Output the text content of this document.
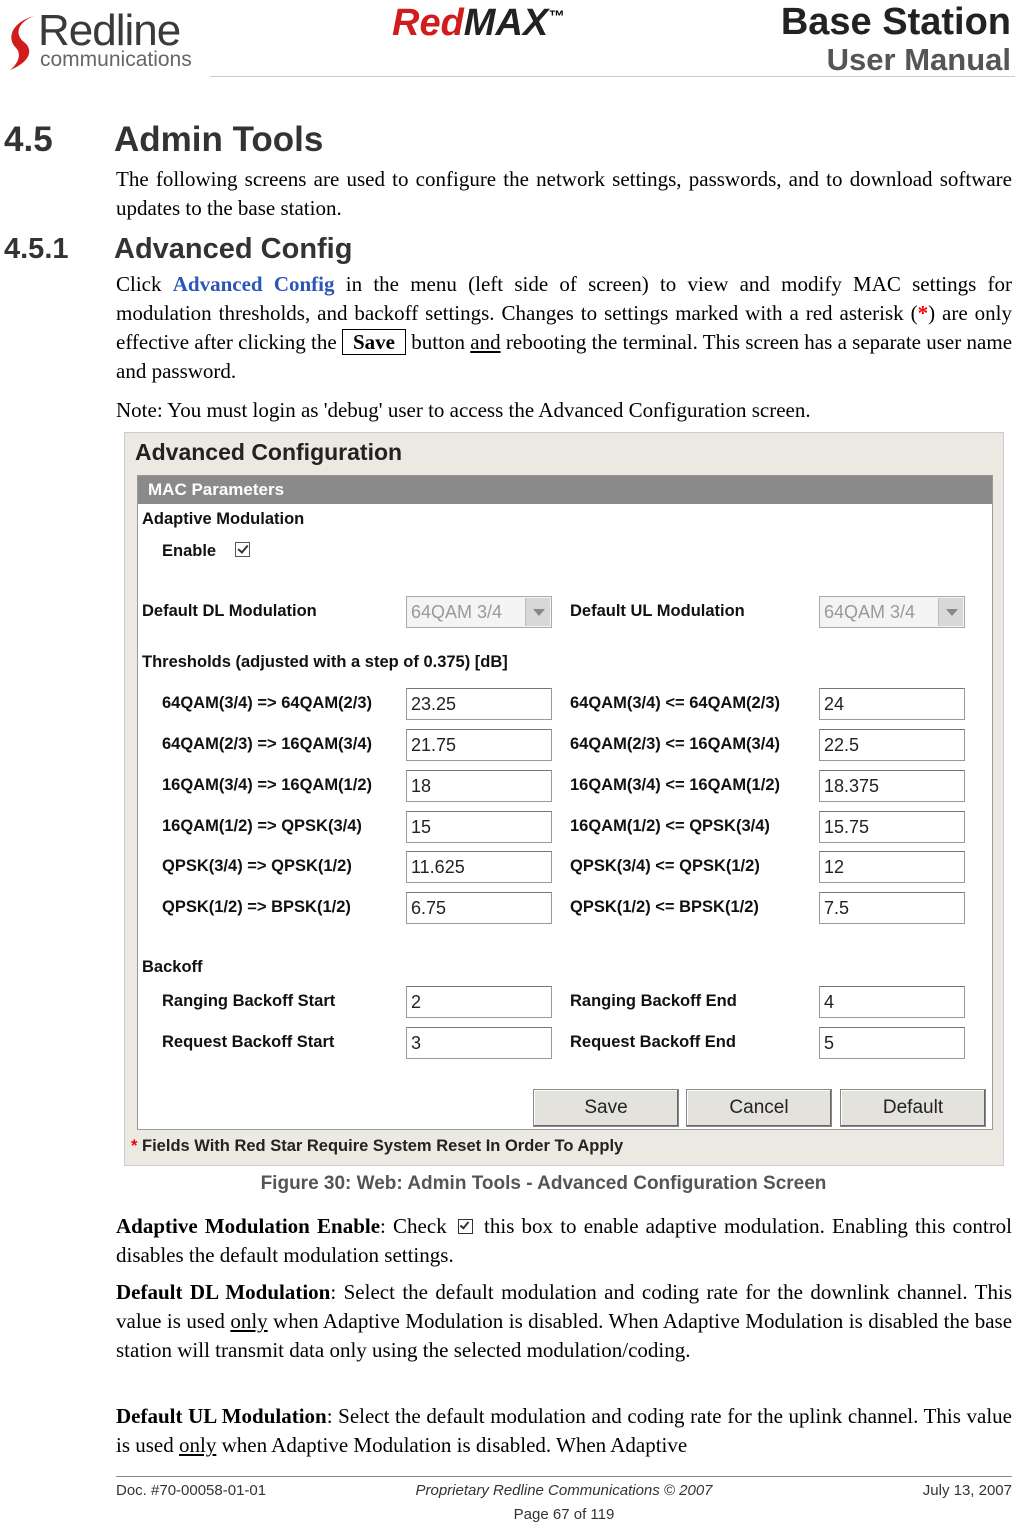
Redline
communications
RedMAX™	Base Station
User Manual
4.5 Admin Tools
The following screens are used to configure the network settings, passwords, and to download software updates to the base station.
4.5.1 Advanced Config
Click Advanced Config in the menu (left side of screen) to view and modify MAC settings for modulation thresholds, and backoff settings. Changes to settings marked with a red asterisk (*) are only effective after clicking the Save button and rebooting the terminal. This screen has a separate user name and password.
Note: You must login as 'debug' user to access the Advanced Configuration screen.
Advanced Configuration
MAC Parameters
Adaptive Modulation
Enable
Default DL Modulation	64QAM 3/4	Default UL Modulation	64QAM 3/4
Thresholds (adjusted with a step of 0.375) [dB]
64QAM(3/4) => 64QAM(2/3) 23.25	64QAM(3/4) <= 64QAM(2/3) 24
64QAM(2/3) => 16QAM(3/4) 21.75	64QAM(2/3) <= 16QAM(3/4) 22.5
16QAM(3/4) => 16QAM(1/2) 18	16QAM(3/4) <= 16QAM(1/2) 18.375
16QAM(1/2) => QPSK(3/4)	15	16QAM(1/2) <= QPSK(3/4)	15.75
QPSK(3/4) => QPSK(1/2)	11.625	QPSK(3/4) <= QPSK(1/2)	12
QPSK(1/2) => BPSK(1/2)	6.75	QPSK(1/2) <= BPSK(1/2)	7.5
Backoff
Ranging Backoff Start	2	Ranging Backoff End	4
Request Backoff Start	3	Request Backoff End	5
Save	Cancel	Default
* Fields With Red Star Require System Reset In Order To Apply
Figure 30: Web: Admin Tools - Advanced Configuration Screen
Adaptive Modulation Enable: Check this box to enable adaptive modulation. Enabling this control disables the default modulation settings.
Default DL Modulation: Select the default modulation and coding rate for the downlink channel. This value is used only when Adaptive Modulation is disabled. When Adaptive Modulation is disabled the base station will transmit data only using the selected modulation/coding.
Default UL Modulation: Select the default modulation and coding rate for the uplink channel. This value is used only when Adaptive Modulation is disabled. When Adaptive
Doc. #70-00058-01-01	Proprietary Redline Communications © 2007	July 13, 2007
Page 67 of 119
